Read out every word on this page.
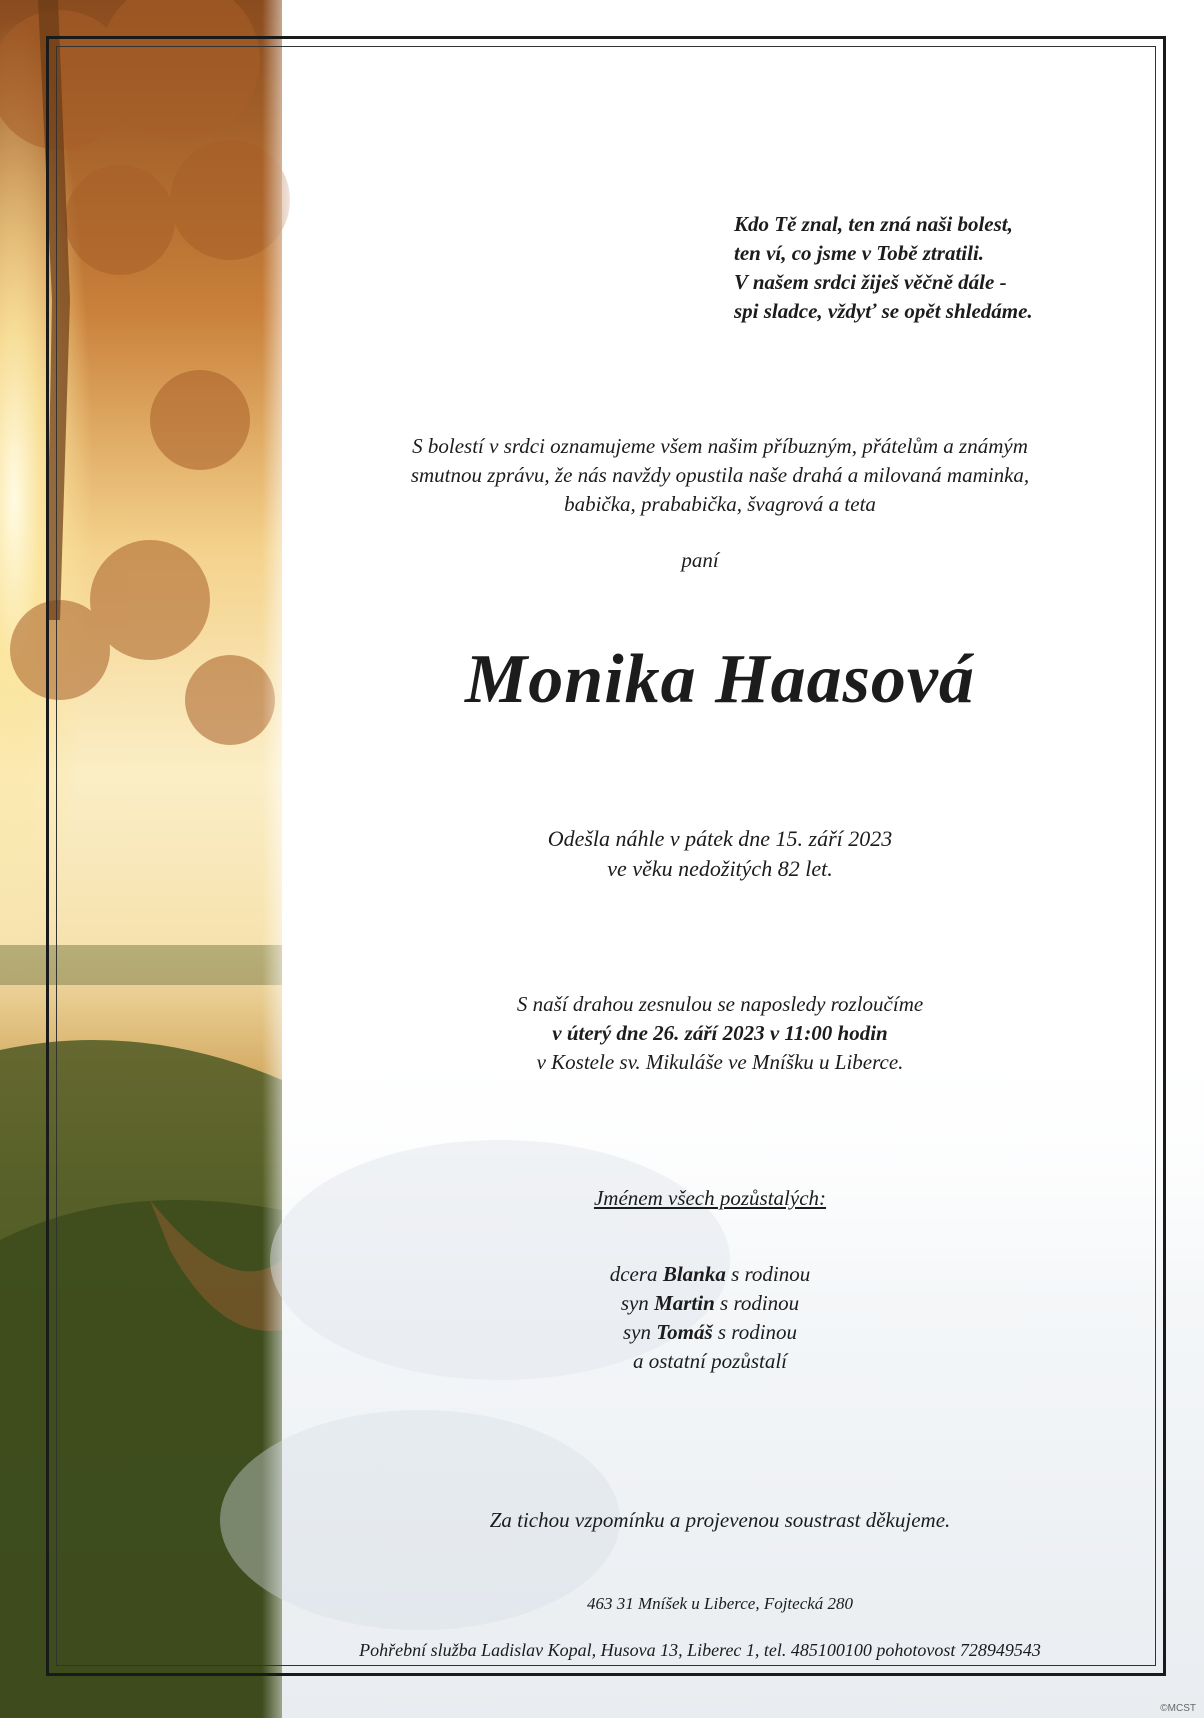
Kdo Tě znal, ten zná naši bolest,
ten ví, co jsme v Tobě ztratili.
V našem srdci žiješ věčně dále -
spi sladce, vždyť se opět shledáme.
S bolestí v srdci oznamujeme všem našim příbuzným, přátelům a známým
smutnou zprávu, že nás navždy opustila naše drahá a milovaná maminka,
babička, prababička, švagrová a teta
paní
Monika Haasová
Odešla náhle v pátek dne 15. září 2023
ve věku nedožitých 82 let.
S naší drahou zesnulou se naposledy rozloučíme
v úterý dne 26. září 2023 v 11:00 hodin
v Kostele sv. Mikuláše ve Mníšku u Liberce.
Jménem všech pozůstalých:
dcera Blanka s rodinou
syn Martin s rodinou
syn Tomáš s rodinou
a ostatní pozůstalí
Za tichou vzpomínku a projevenou soustrast děkujeme.
463 31 Mníšek u Liberce, Fojtecká 280
Pohřební služba Ladislav Kopal, Husova 13, Liberec 1, tel. 485100100 pohotovost 728949543
©MCST
